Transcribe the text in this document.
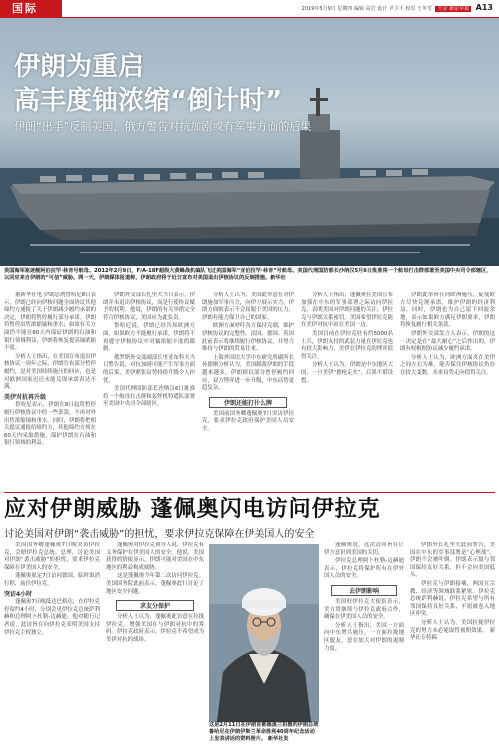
国际	2019年5月9日 星期四 编辑 高岩 设计 尹卫平 校对 王冬雪 王京 新京早报 A13
伊朗为重启
高丰度铀浓缩“倒计时”
伊朗“出手”反制美国，俄方警告对抗加剧或有军事方面的后果
美国海军驱逐舰阿伯拉罕·林肯号航母。2012年2月9日，F/A-18F超级大黄蜂战机编队飞过美国海军“亚伯拉罕·林肯”号航母。美国代理国防部长沙纳汉5月6日批准将一个航母打击群部署至美国中央司令部辖区，以回应来自伊朗的“可信”威胁。网一天，伊朗媒体报道称，伊朗政府将于近日宣布对美国退出伊核协议的反制措施。新华社

据新华社电 伊朗总统鲁哈尼8日表示，伊朗已经向伊核问题全面协议其他缔约方通报了关于伊朗减少履约承诺的决定，伊朗将暂停履行部分承诺。伊朗将暂停出售浓缩铀和重水；如果有关方面仍不能在60天内保证伊朗的石油和银行领域利益，伊朗将恢复提高铀浓缩丰度。

分析人士指出，在美国宣布退出伊核协议一周年之际，伊朗宣布部分暂停履约，是对美国持续施压的回应，也是对欧洲国家迟迟未能兑现承诺表达不满。

美伊对抗再升级

鲁哈尼表示，伊朗在8日起将暂停履行伊核协议中的一些条款，不再对外出售浓缩铀和重水。同时，伊朗将把相关提议通报给缔约方，其他缔约方须在60天内采取措施，保护伊朗在石油和银行领域的利益。

伊朗外交部长扎里夫当日表示，伊朗并未退出伊核协议，而是行使协议赋予的权利。他说，伊朗的有关举措完全符合伊核协议，美国应为此负责。

鲁哈尼说，伊朗已经告知欧洲方面，如果欧方不能履行承诺，伊朗将不再遵守伊核协议中对铀浓缩丰度的限制。

俄罗斯外交部副部长里亚布科夫当日警告说，对抗加剧可能产生军事方面的后果，美伊紧张局势持续升级令人担忧。

美国代理国防部长沙纳汉6日批准将一个航母打击群和轰炸机特遣队部署至美国中央司令部辖区。

分析人士认为，美国此举意在对伊朗施加军事压力，向伊方展示实力。伊朗方面则表示不会屈服于美国的压力，伊朗有能力保卫自己的国家。

欧洲方面呼吁各方保持克制，维护伊核协议的完整性。法国、德国、英国此前表示将继续履行伊核协议，并努力维持与伊朗的贸易往来。

上海外国语大学中东研究所副所长孙德刚分析认为，美国制裁伊朗的手段越来越多，伊朗则以部分暂停履约回应，双方博弈进一步升级，中东局势更趋复杂。

伊朗还能打什么牌

美国前国务卿蓬佩奥7日突访伊拉克，要求伊拉克政府保护美国人员安全。

分析人士指出，蓬佩奥在美国宣布加强在中东的军事部署之际访问伊拉克，表明美国对伊朗问题的关注。伊拉克与伊朗关系密切，美国希望伊拉克能在美伊对抗中站在美国一边。

美国目前在伊拉克驻有约5000名士兵，伊朗支持的武装力量在伊拉克也有较大影响力，美伊在伊拉克的博弈值得关注。

分析人士认为，伊朗是中东地区大国，一旦美伊“擦枪走火”，后果不堪设想。

伊朗此举旨在向欧洲施压，促使欧方尽快兑现承诺，维护伊朗的经济利益。同时，伊朗也为自己留下回旋余地，表示如果欧方满足伊朗要求，伊朗将恢复履行相关条款。

伊朗外交部发言人表示，伊朗的这一决定是在“最大耐心”之后作出的，伊朗有权根据协议减少履约承诺。

分析人士认为，欧洲方面夹在美伊之间左右为难，能否保住伊核协议仍存在较大变数，未来局势走向值得关注。

应对伊朗威胁 蓬佩奥闪电访问伊拉克
讨论美国对伊朗“袭击威胁”的担忧，要求伊拉克保障在伊美国人的安全

美国国务卿蓬佩奥7日晚突访伊拉克，会晤伊拉克总统、总理，讨论美国对伊朗“袭击威胁”的担忧，要求伊拉克保障在伊美国人的安全。

蓬佩奥原定7日访问德国，临时取消行程，前往伊拉克。

突访4小时

蓬佩奥7日晚抵达巴格达，在伊拉克停留约4小时，分别会见伊拉克总统萨利赫和总理阿卜杜勒-迈赫迪。他对随行记者说，此访旨在向伊拉克表明美国支持伊拉克主权独立。

蓬佩奥对伊拉克领导人说，伊拉克有义务保护在伊美国人的安全。他说，美国获得的情报显示，伊朗可能对美国在中东地区的利益构成威胁。

这是蓬佩奥今年第二次访问伊拉克。美国国务院此前表示，蓬佩奥此行讨论了地区安全问题。

求友分保护

分析人士认为，蓬佩奥此访意在拉拢伊拉克，增强美国在与伊朗对抗中的筹码。伊拉克政府表示，伊拉克不希望成为美伊对抗的战场。

这是2月11日在伊朗首都德黑兰拍摄的伊朗总统鲁哈尼在伊朗伊斯兰革命胜利40周年纪念活动上发表讲话的资料照片。 新华社发

蓬佩奥说，这次访问旨在让伊方意识到美国的关切。

伊拉克总理阿卜杜勒-迈赫迪表示，伊拉克将保护所有在伊外国人员的安全。

去伊朗影响

美国驻伊拉克大使馆表示，美方将继续与伊拉克政府合作，确保在伊美国人员的安全。

分析人士指出，美国一方面向中东增兵施压，一方面拉拢地区盟友，意在加大对伊朗的遏制力度。

伊朗外长扎里夫此前警告，美国在中东的军事部署是“心理战”，伊朗不会被吓倒。伊朗表示愿与邻国保持友好关系，但不会向美国低头。

伊拉克与伊朗接壤，两国在宗教、经济等领域联系紧密。伊拉克总统萨利赫说，伊拉克希望与所有邻国保持良好关系，不愿被卷入地区冲突。

分析人士认为，美国拉拢伊拉克的努力未必能取得预期效果。 新华社专特稿
